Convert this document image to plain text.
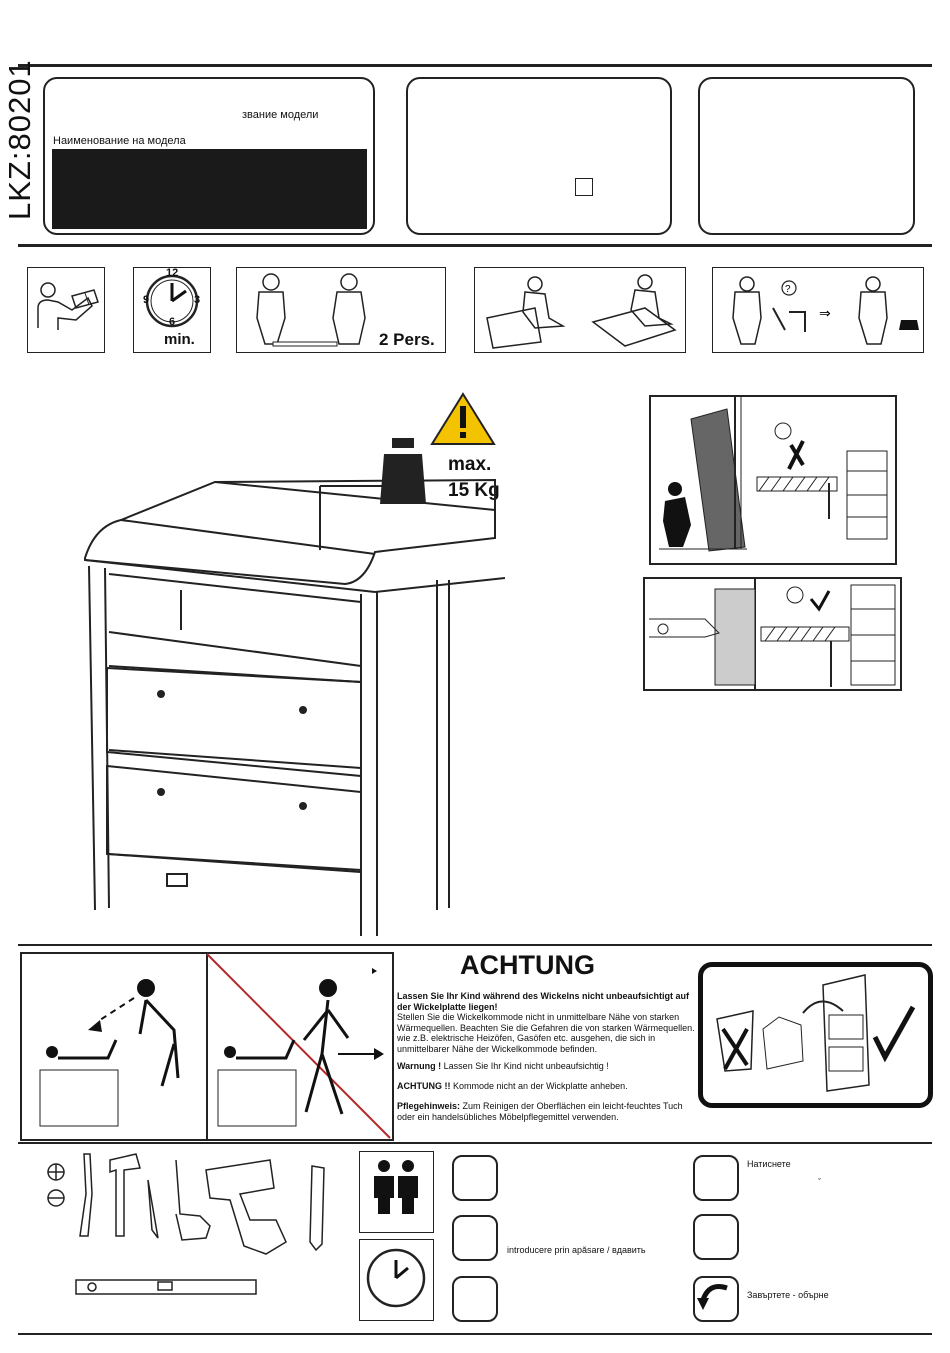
LKZ:80201	звание модели
Наименование на модела
12
3
6
9
min.	2 Pers.
?
⇒
max.
15 Kg
ACHTUNG
Lassen Sie Ihr Kind während des Wickelns nicht unbeaufsichtigt auf der Wickelplatte liegen!
Stellen Sie die Wickelkommode nicht in unmittelbare Nähe von starken Wärmequellen. Beachten Sie die Gefahren die von starken Wärmequellen. wie z.B. elektrische Heizöfen, Gasöfen etc. ausgehen, die sich in unmittelbarer Nähe der Wickelkommode befinden.
Warnung ! Lassen Sie Ihr Kind nicht unbeaufsichtig !
ACHTUNG !! Kommode nicht an der Wickplatte anheben.
Pflegehinweis: Zum Reinigen der Oberflächen ein leicht-feuchtes Tuch oder ein handelsübliches Möbelpflegemittel verwenden.
introducere prin apăsare / вдавить
Натиснете
ˇ
Завъртете - обърне
